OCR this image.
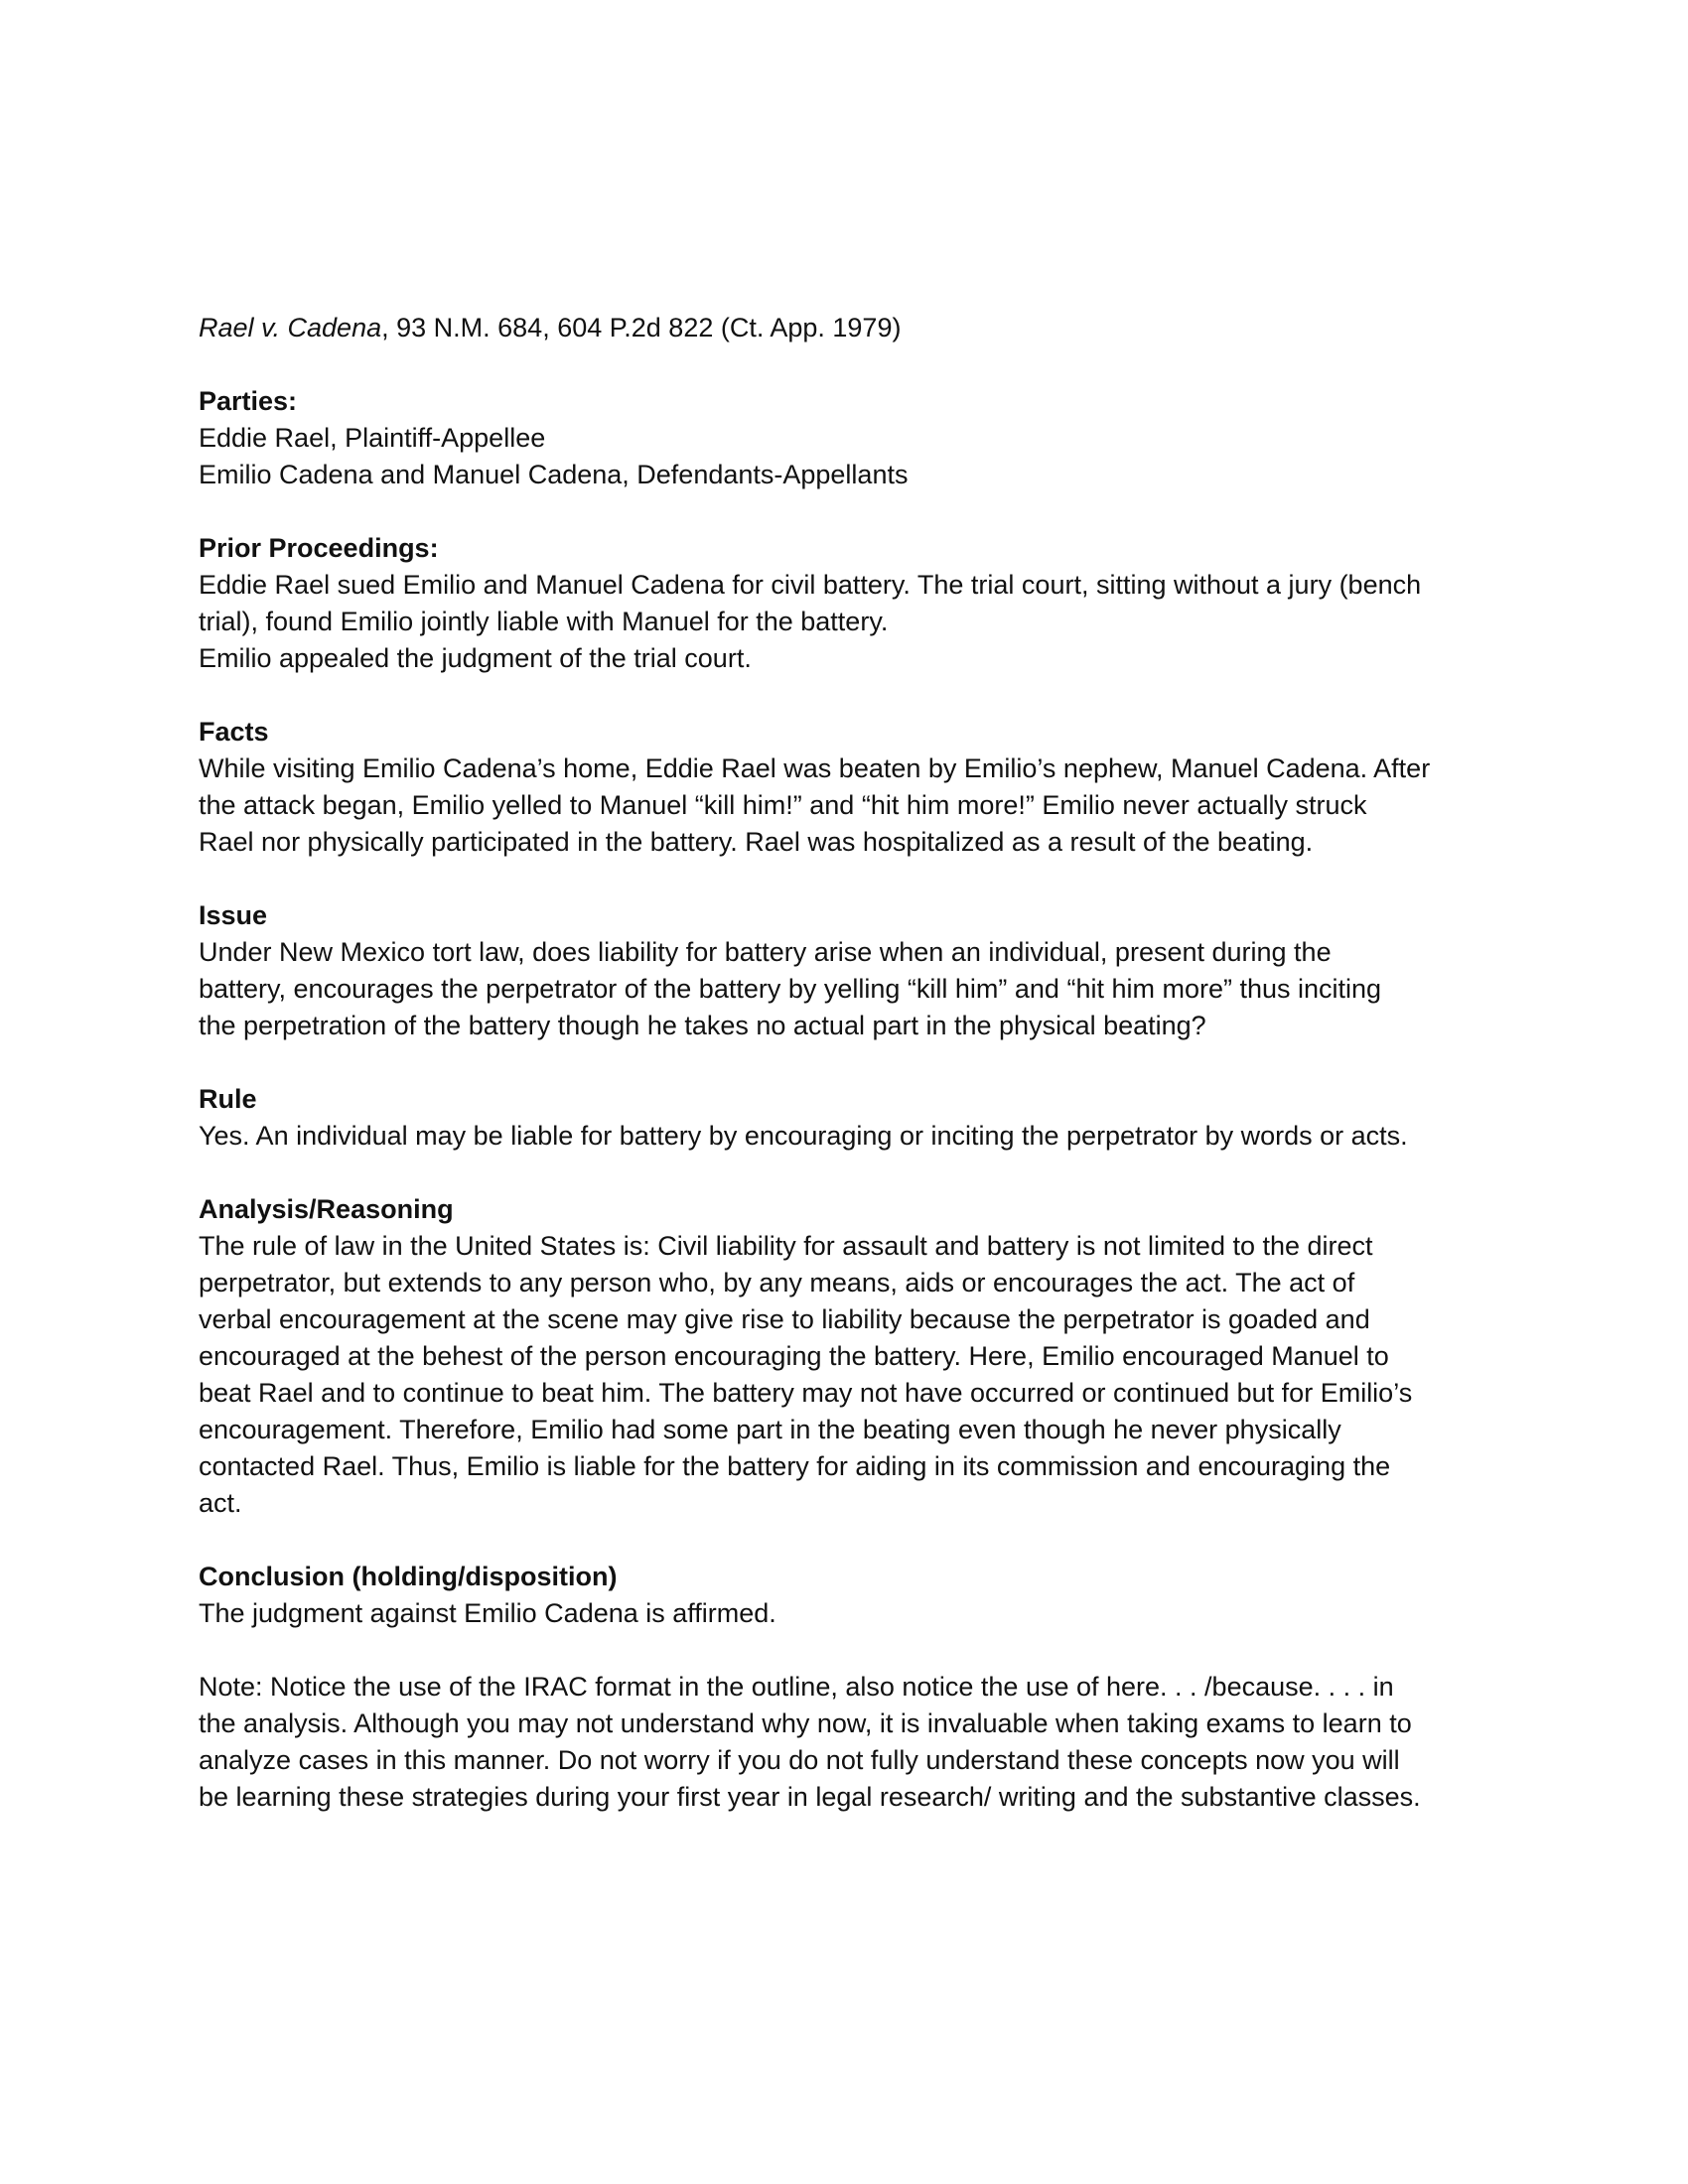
Rael v. Cadena, 93 N.M. 684, 604 P.2d 822 (Ct. App. 1979)
Parties:
Eddie Rael, Plaintiff-Appellee
Emilio Cadena and Manuel Cadena, Defendants-Appellants
Prior Proceedings:
Eddie Rael sued Emilio and Manuel Cadena for civil battery. The trial court, sitting without a jury (bench
trial), found Emilio jointly liable with Manuel for the battery.
Emilio appealed the judgment of the trial court.
Facts
While visiting Emilio Cadena’s home, Eddie Rael was beaten by Emilio’s nephew, Manuel Cadena. After
the attack began, Emilio yelled to Manuel “kill him!” and “hit him more!” Emilio never actually struck
Rael nor physically participated in the battery. Rael was hospitalized as a result of the beating.
Issue
Under New Mexico tort law, does liability for battery arise when an individual, present during the
battery, encourages the perpetrator of the battery by yelling “kill him” and “hit him more” thus inciting
the perpetration of the battery though he takes no actual part in the physical beating?
Rule
Yes. An individual may be liable for battery by encouraging or inciting the perpetrator by words or acts.
Analysis/Reasoning
The rule of law in the United States is: Civil liability for assault and battery is not limited to the direct
perpetrator, but extends to any person who, by any means, aids or encourages the act. The act of
verbal encouragement at the scene may give rise to liability because the perpetrator is goaded and
encouraged at the behest of the person encouraging the battery. Here, Emilio encouraged Manuel to
beat Rael and to continue to beat him. The battery may not have occurred or continued but for Emilio’s
encouragement. Therefore, Emilio had some part in the beating even though he never physically
contacted Rael. Thus, Emilio is liable for the battery for aiding in its commission and encouraging the
act.
Conclusion (holding/disposition)
The judgment against Emilio Cadena is affirmed.
Note: Notice the use of the IRAC format in the outline, also notice the use of here. . . /because. . . . in
the analysis. Although you may not understand why now, it is invaluable when taking exams to learn to
analyze cases in this manner. Do not worry if you do not fully understand these concepts now you will
be learning these strategies during your first year in legal research/ writing and the substantive classes.
